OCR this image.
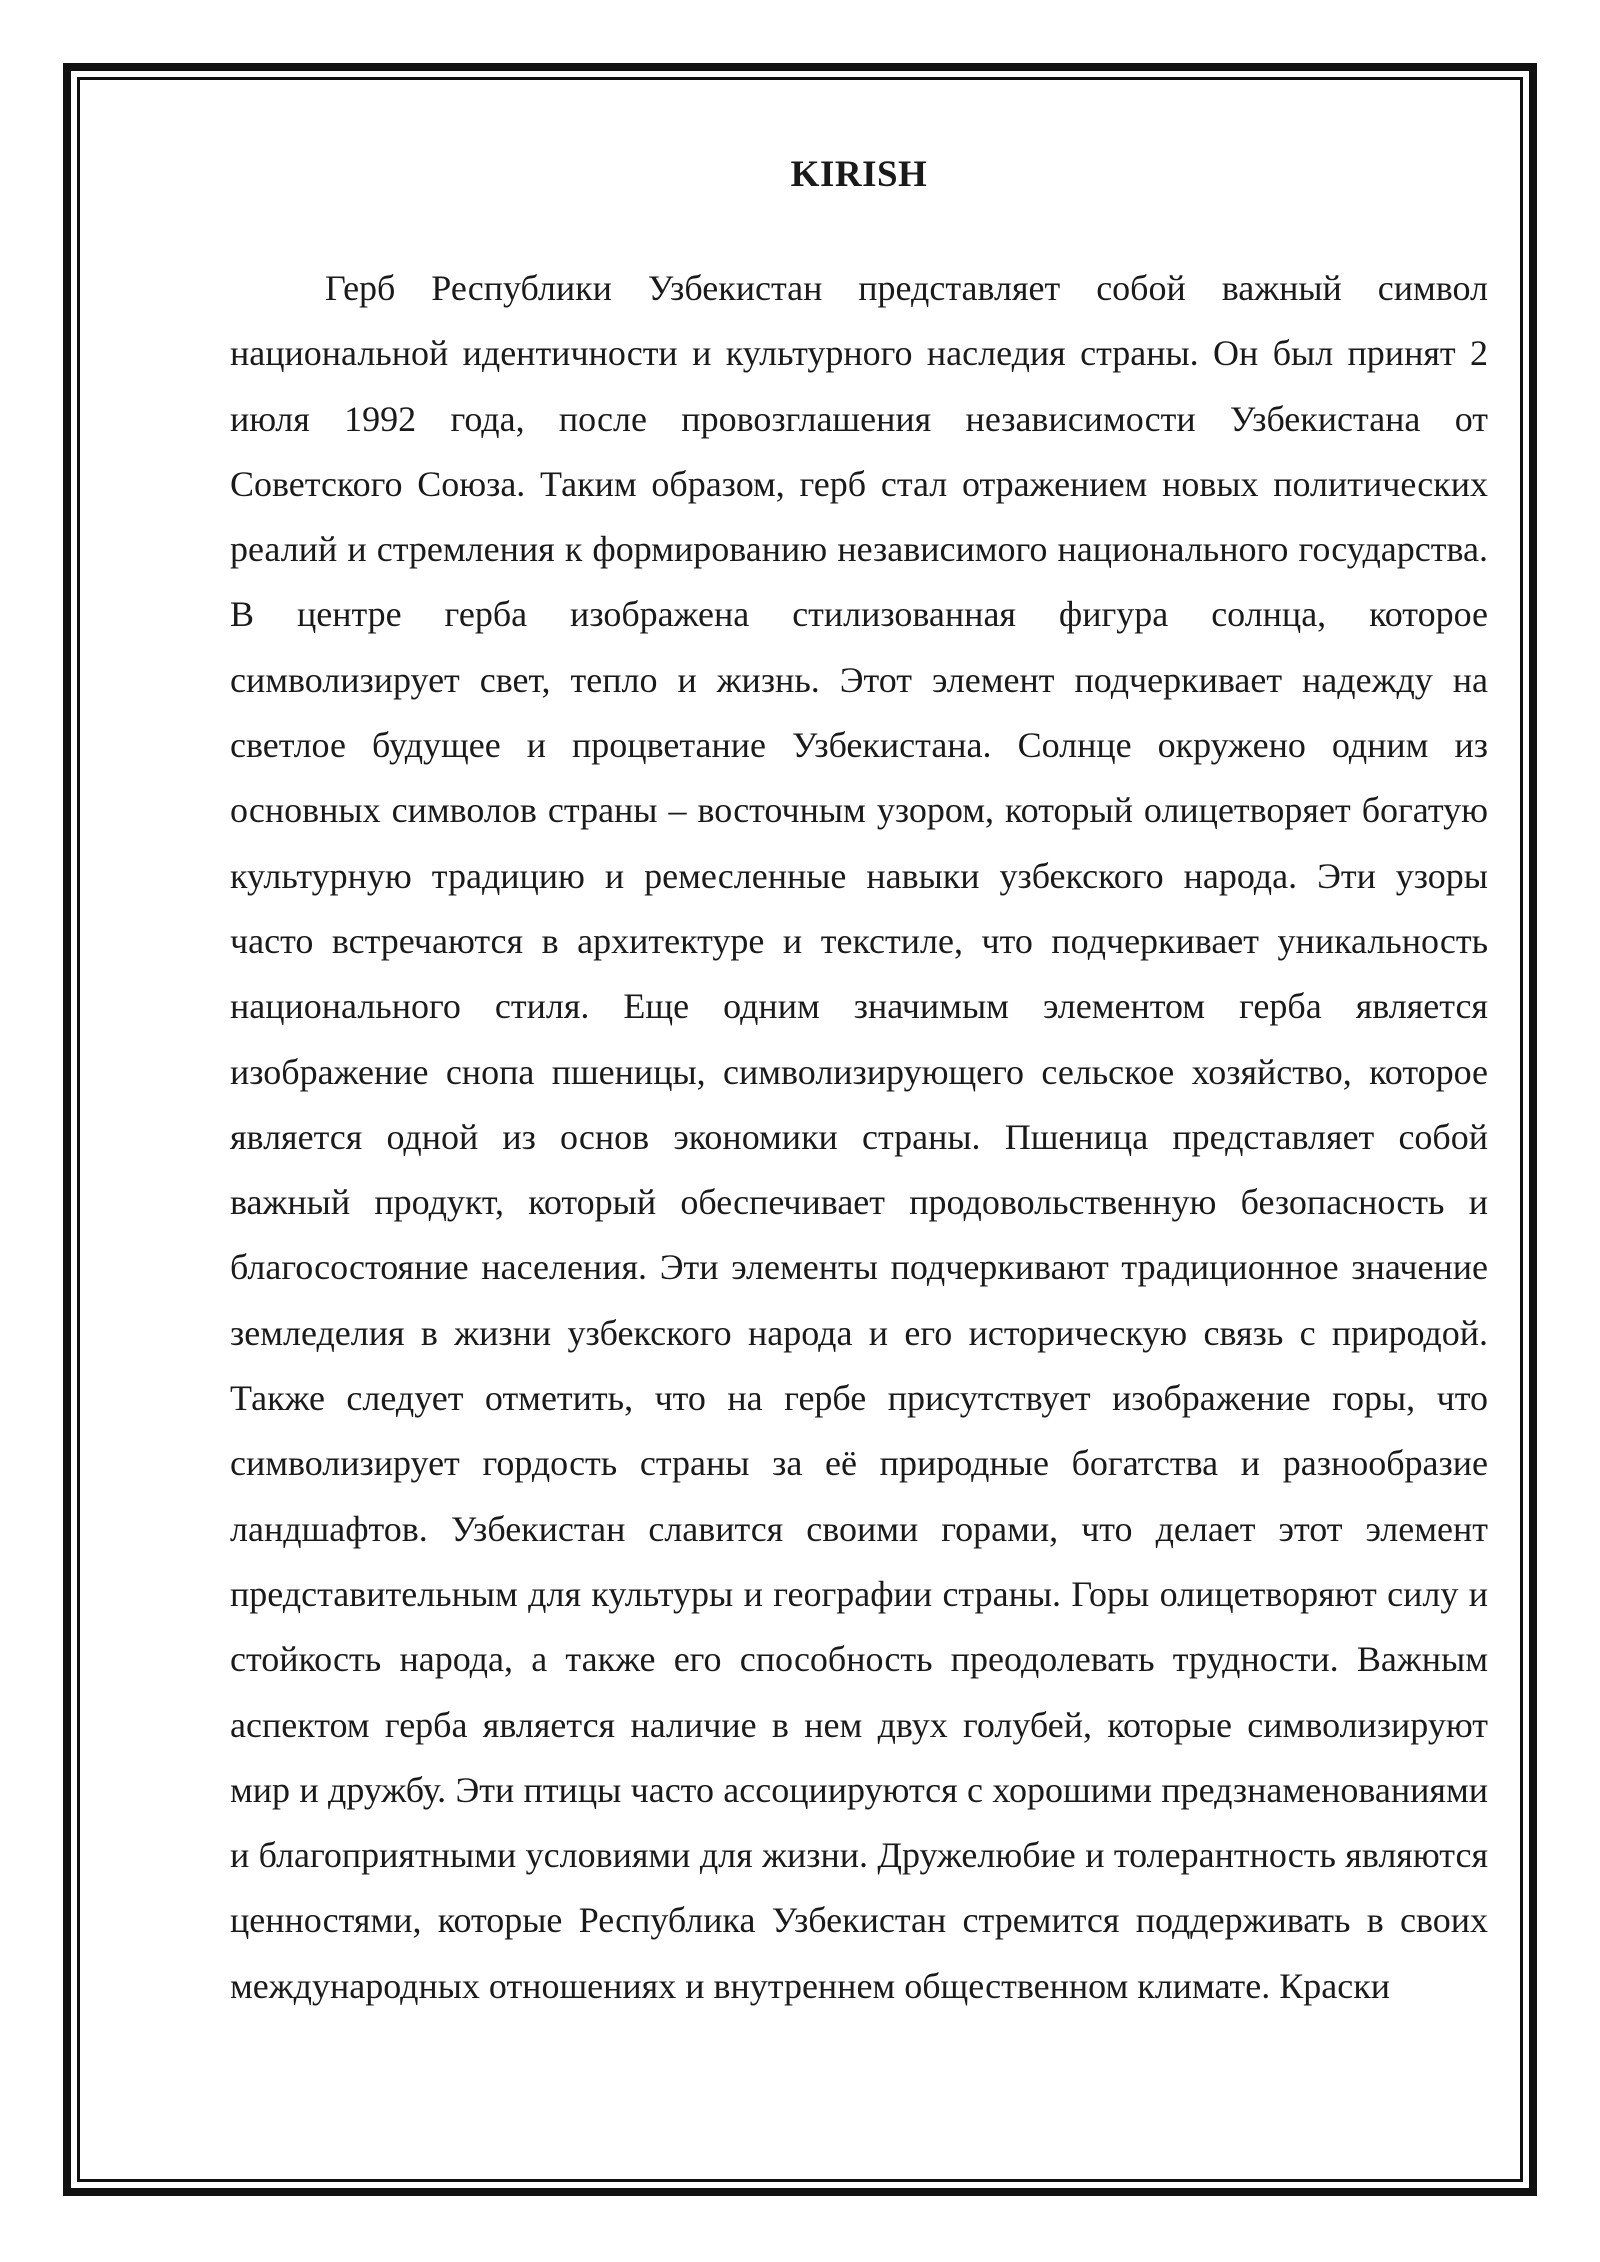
KIRISH

Герб Республики Узбекистан представляет собой важный символ национальной идентичности и культурного наследия страны. Он был принят 2 июля 1992 года, после провозглашения независимости Узбекистана от Советского Союза. Таким образом, герб стал отражением новых политических реалий и стремления к формированию независимого национального государства. В центре герба изображена стилизованная фигура солнца, которое символизирует свет, тепло и жизнь. Этот элемент подчеркивает надежду на светлое будущее и процветание Узбекистана. Солнце окружено одним из основных символов страны – восточным узором, который олицетворяет богатую культурную традицию и ремесленные навыки узбекского народа. Эти узоры часто встречаются в архитектуре и текстиле, что подчеркивает уникальность национального стиля. Еще одним значимым элементом герба является изображение снопа пшеницы, символизирующего сельское хозяйство, которое является одной из основ экономики страны. Пшеница представляет собой важный продукт, который обеспечивает продовольственную безопасность и благосостояние населения. Эти элементы подчеркивают традиционное значение земледелия в жизни узбекского народа и его историческую связь с природой. Также следует отметить, что на гербе присутствует изображение горы, что символизирует гордость страны за её природные богатства и разнообразие ландшафтов. Узбекистан славится своими горами, что делает этот элемент представительным для культуры и географии страны. Горы олицетворяют силу и стойкость народа, а также его способность преодолевать трудности. Важным аспектом герба является наличие в нем двух голубей, которые символизируют мир и дружбу. Эти птицы часто ассоциируются с хорошими предзнаменованиями и благоприятными условиями для жизни. Дружелюбие и толерантность являются ценностями, которые Республика Узбекистан стремится поддерживать в своих международных отношениях и внутреннем общественном климате. Краски
